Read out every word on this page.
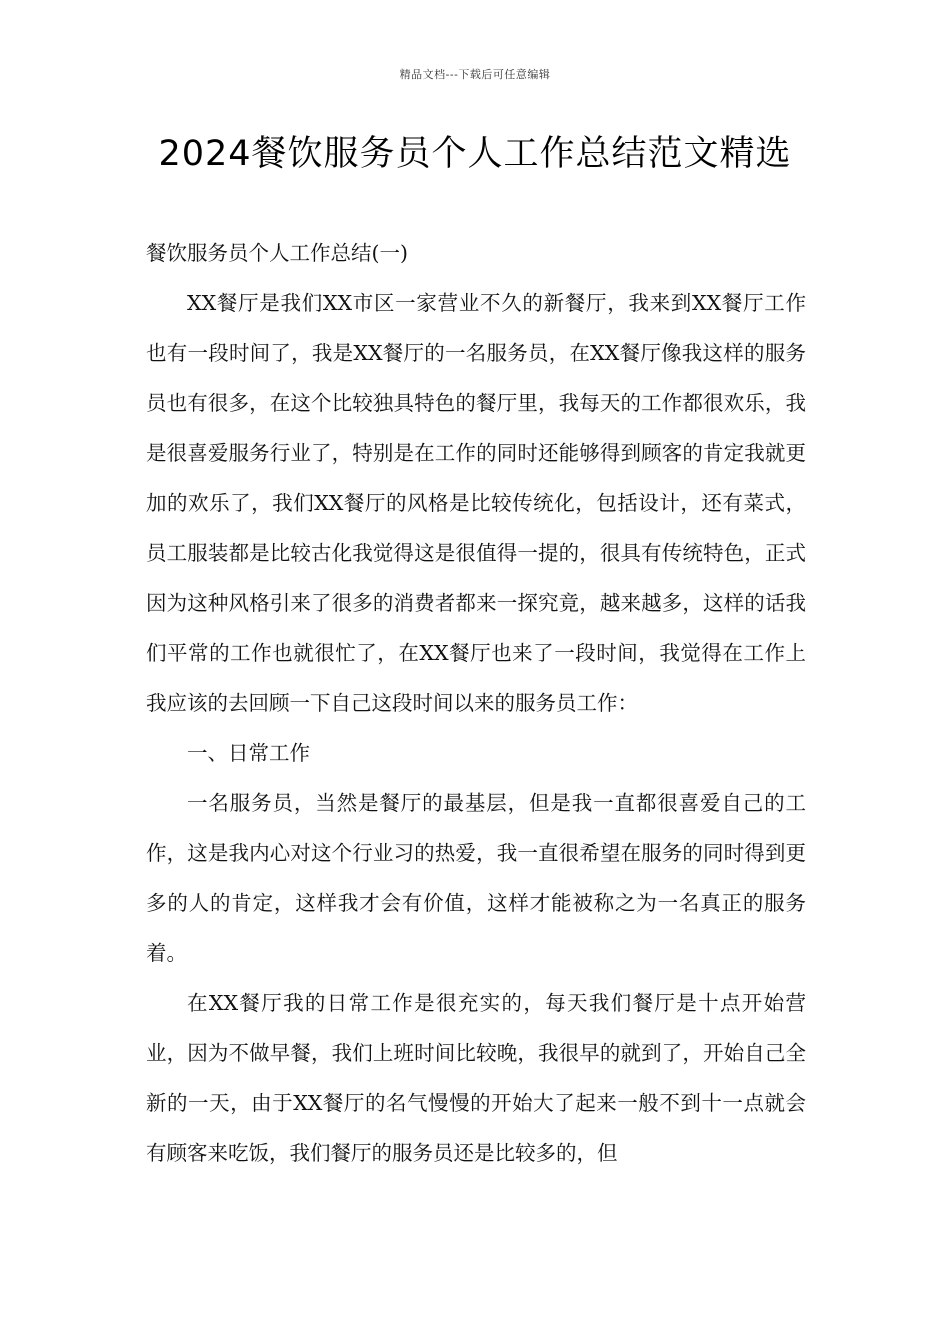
精品文档---下载后可任意编辑
2024餐饮服务员个人工作总结范文精选

餐饮服务员个人工作总结(一)

XX餐厅是我们XX市区一家营业不久的新餐厅，我来到XX餐厅工作也有一段时间了，我是XX餐厅的一名服务员，在XX餐厅像我这样的服务员也有很多，在这个比较独具特色的餐厅里，我每天的工作都很欢乐，我是很喜爱服务行业了，特别是在工作的同时还能够得到顾客的肯定我就更加的欢乐了，我们XX餐厅的风格是比较传统化，包括设计，还有菜式，员工服装都是比较古化我觉得这是很值得一提的，很具有传统特色，正式因为这种风格引来了很多的消费者都来一探究竟，越来越多，这样的话我们平常的工作也就很忙了，在XX餐厅也来了一段时间，我觉得在工作上我应该的去回顾一下自己这段时间以来的服务员工作：

一、日常工作

一名服务员，当然是餐厅的最基层，但是我一直都很喜爱自己的工作，这是我内心对这个行业习的热爱，我一直很希望在服务的同时得到更多的人的肯定，这样我才会有价值，这样才能被称之为一名真正的服务着。

在XX餐厅我的日常工作是很充实的，每天我们餐厅是十点开始营业，因为不做早餐，我们上班时间比较晚，我很早的就到了，开始自己全新的一天，由于XX餐厅的名气慢慢的开始大了起来一般不到十一点就会有顾客来吃饭，我们餐厅的服务员还是比较多的，但
